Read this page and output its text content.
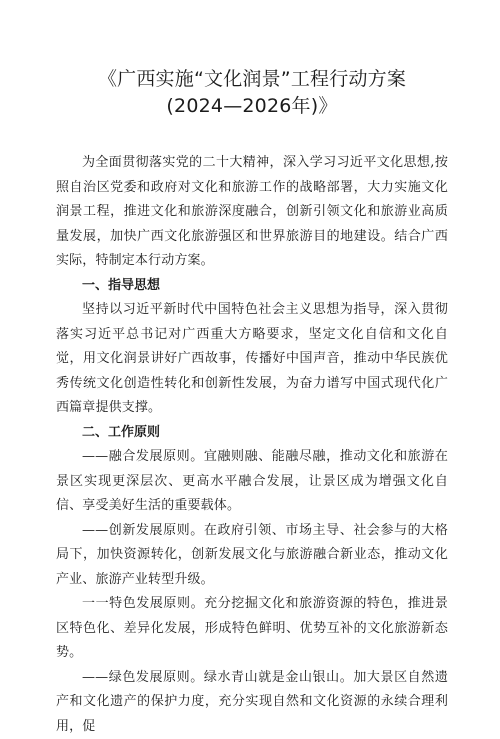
《广西实施“文化润景”工程行动方案
(2024—2026年)》

为全面贯彻落实党的二十大精神，深入学习习近平文化思想,按照自治区党委和政府对文化和旅游工作的战略部署，大力实施文化润景工程，推进文化和旅游深度融合，创新引领文化和旅游业高质量发展，加快广西文化旅游强区和世界旅游目的地建设。结合广西实际，特制定本行动方案。

一、指导思想

坚持以习近平新时代中国特色社会主义思想为指导，深入贯彻落实习近平总书记对广西重大方略要求，坚定文化自信和文化自觉，用文化润景讲好广西故事，传播好中国声音，推动中华民族优秀传统文化创造性转化和创新性发展，为奋力谱写中国式现代化广西篇章提供支撑。

二、工作原则

——融合发展原则。宜融则融、能融尽融，推动文化和旅游在景区实现更深层次、更高水平融合发展，让景区成为增强文化自信、享受美好生活的重要载体。

——创新发展原则。在政府引领、市场主导、社会参与的大格局下，加快资源转化，创新发展文化与旅游融合新业态，推动文化产业、旅游产业转型升级。

一一特色发展原则。充分挖掘文化和旅游资源的特色，推进景区特色化、差异化发展，形成特色鲜明、优势互补的文化旅游新态势。

——绿色发展原则。绿水青山就是金山银山。加大景区自然遗产和文化遗产的保护力度，充分实现自然和文化资源的永续合理利用，促
